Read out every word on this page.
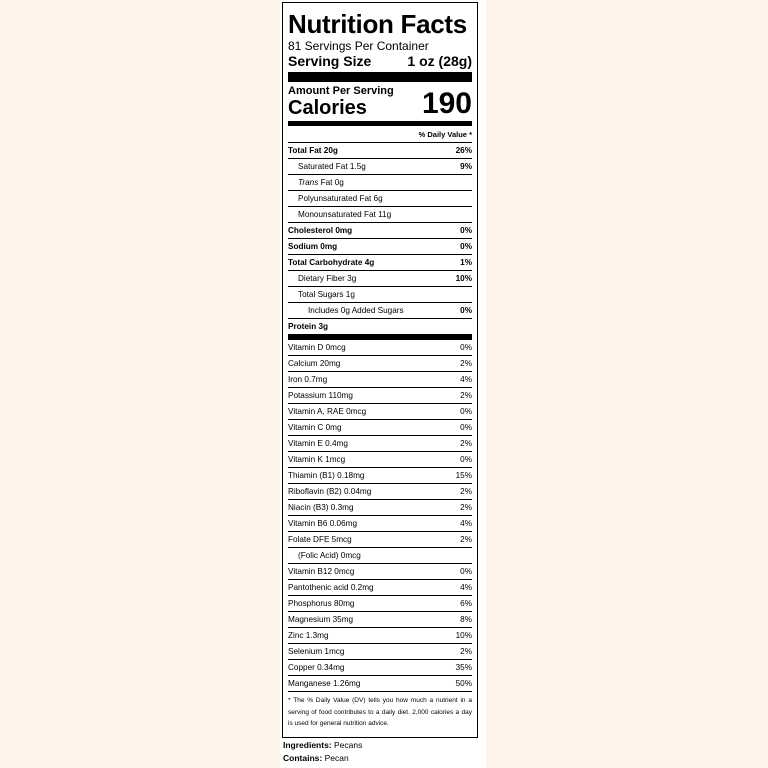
Nutrition Facts
81 Servings Per Container
Serving Size	1 oz (28g)
Amount Per Serving
Calories	190
% Daily Value *
Total Fat 20g	26%
Saturated Fat 1.5g	9%
Trans Fat 0g
Polyunsaturated Fat 6g
Monounsaturated Fat 11g
Cholesterol 0mg	0%
Sodium 0mg	0%
Total Carbohydrate 4g	1%
Dietary Fiber 3g	10%
Total Sugars 1g
Includes 0g Added Sugars	0%
Protein 3g
Vitamin D 0mcg	0%
Calcium 20mg	2%
Iron 0.7mg	4%
Potassium 110mg	2%
Vitamin A, RAE 0mcg	0%
Vitamin C 0mg	0%
Vitamin E 0.4mg	2%
Vitamin K 1mcg	0%
Thiamin (B1) 0.18mg	15%
Riboflavin (B2) 0.04mg	2%
Niacin (B3) 0.3mg	2%
Vitamin B6 0.06mg	4%
Folate DFE 5mcg	2%
(Folic Acid) 0mcg
Vitamin B12 0mcg	0%
Pantothenic acid 0.2mg	4%
Phosphorus 80mg	6%
Magnesium 35mg	8%
Zinc 1.3mg	10%
Selenium 1mcg	2%
Copper 0.34mg	35%
Manganese 1.26mg	50%
* The % Daily Value (DV) tells you how much a nutrient in a serving of food contributes to a daily diet. 2,000 calories a day is used for general nutrition advice.
Ingredients: Pecans
Contains: Pecan
